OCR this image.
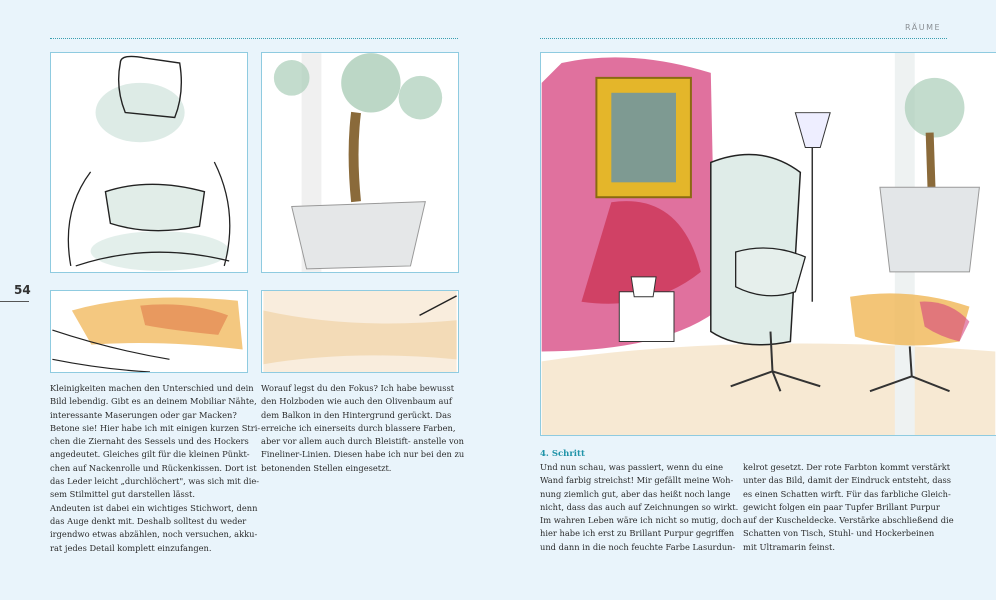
RÄUME
54
Kleinigkeiten machen den Unterschied und dein
Bild lebendig. Gibt es an deinem Mobiliar Nähte,
interessante Maserungen oder gar Macken?
Betone sie! Hier habe ich mit einigen kurzen Stri-
chen die Ziernaht des Sessels und des Hockers
angedeutet. Gleiches gilt für die kleinen Pünkt-
chen auf Nackenrolle und Rückenkissen. Dort ist
das Leder leicht „durchlöchert", was sich mit die-
sem Stilmittel gut darstellen lässt.
Andeuten ist dabei ein wichtiges Stichwort, denn
das Auge denkt mit. Deshalb solltest du weder
irgendwo etwas abzählen, noch versuchen, akku-
rat jedes Detail komplett einzufangen.
Worauf legst du den Fokus? Ich habe bewusst
den Holzboden wie auch den Olivenbaum auf
dem Balkon in den Hintergrund gerückt. Das
erreiche ich einerseits durch blassere Farben,
aber vor allem auch durch Bleistift- anstelle von
Fineliner-Linien. Diesen habe ich nur bei den zu
betonenden Stellen eingesetzt.
4. Schritt
Und nun schau, was passiert, wenn du eine
Wand farbig streichst! Mir gefällt meine Woh-
nung ziemlich gut, aber das heißt noch lange
nicht, dass das auch auf Zeichnungen so wirkt.
Im wahren Leben wäre ich nicht so mutig, doch
hier habe ich erst zu Brillant Purpur gegriffen
und dann in die noch feuchte Farbe Lasurdun-
kelrot gesetzt. Der rote Farbton kommt verstärkt
unter das Bild, damit der Eindruck entsteht, dass
es einen Schatten wirft. Für das farbliche Gleich-
gewicht folgen ein paar Tupfer Brillant Purpur
auf der Kuscheldecke. Verstärke abschließend die
Schatten von Tisch, Stuhl- und Hockerbeinen
mit Ultramarin feinst.
